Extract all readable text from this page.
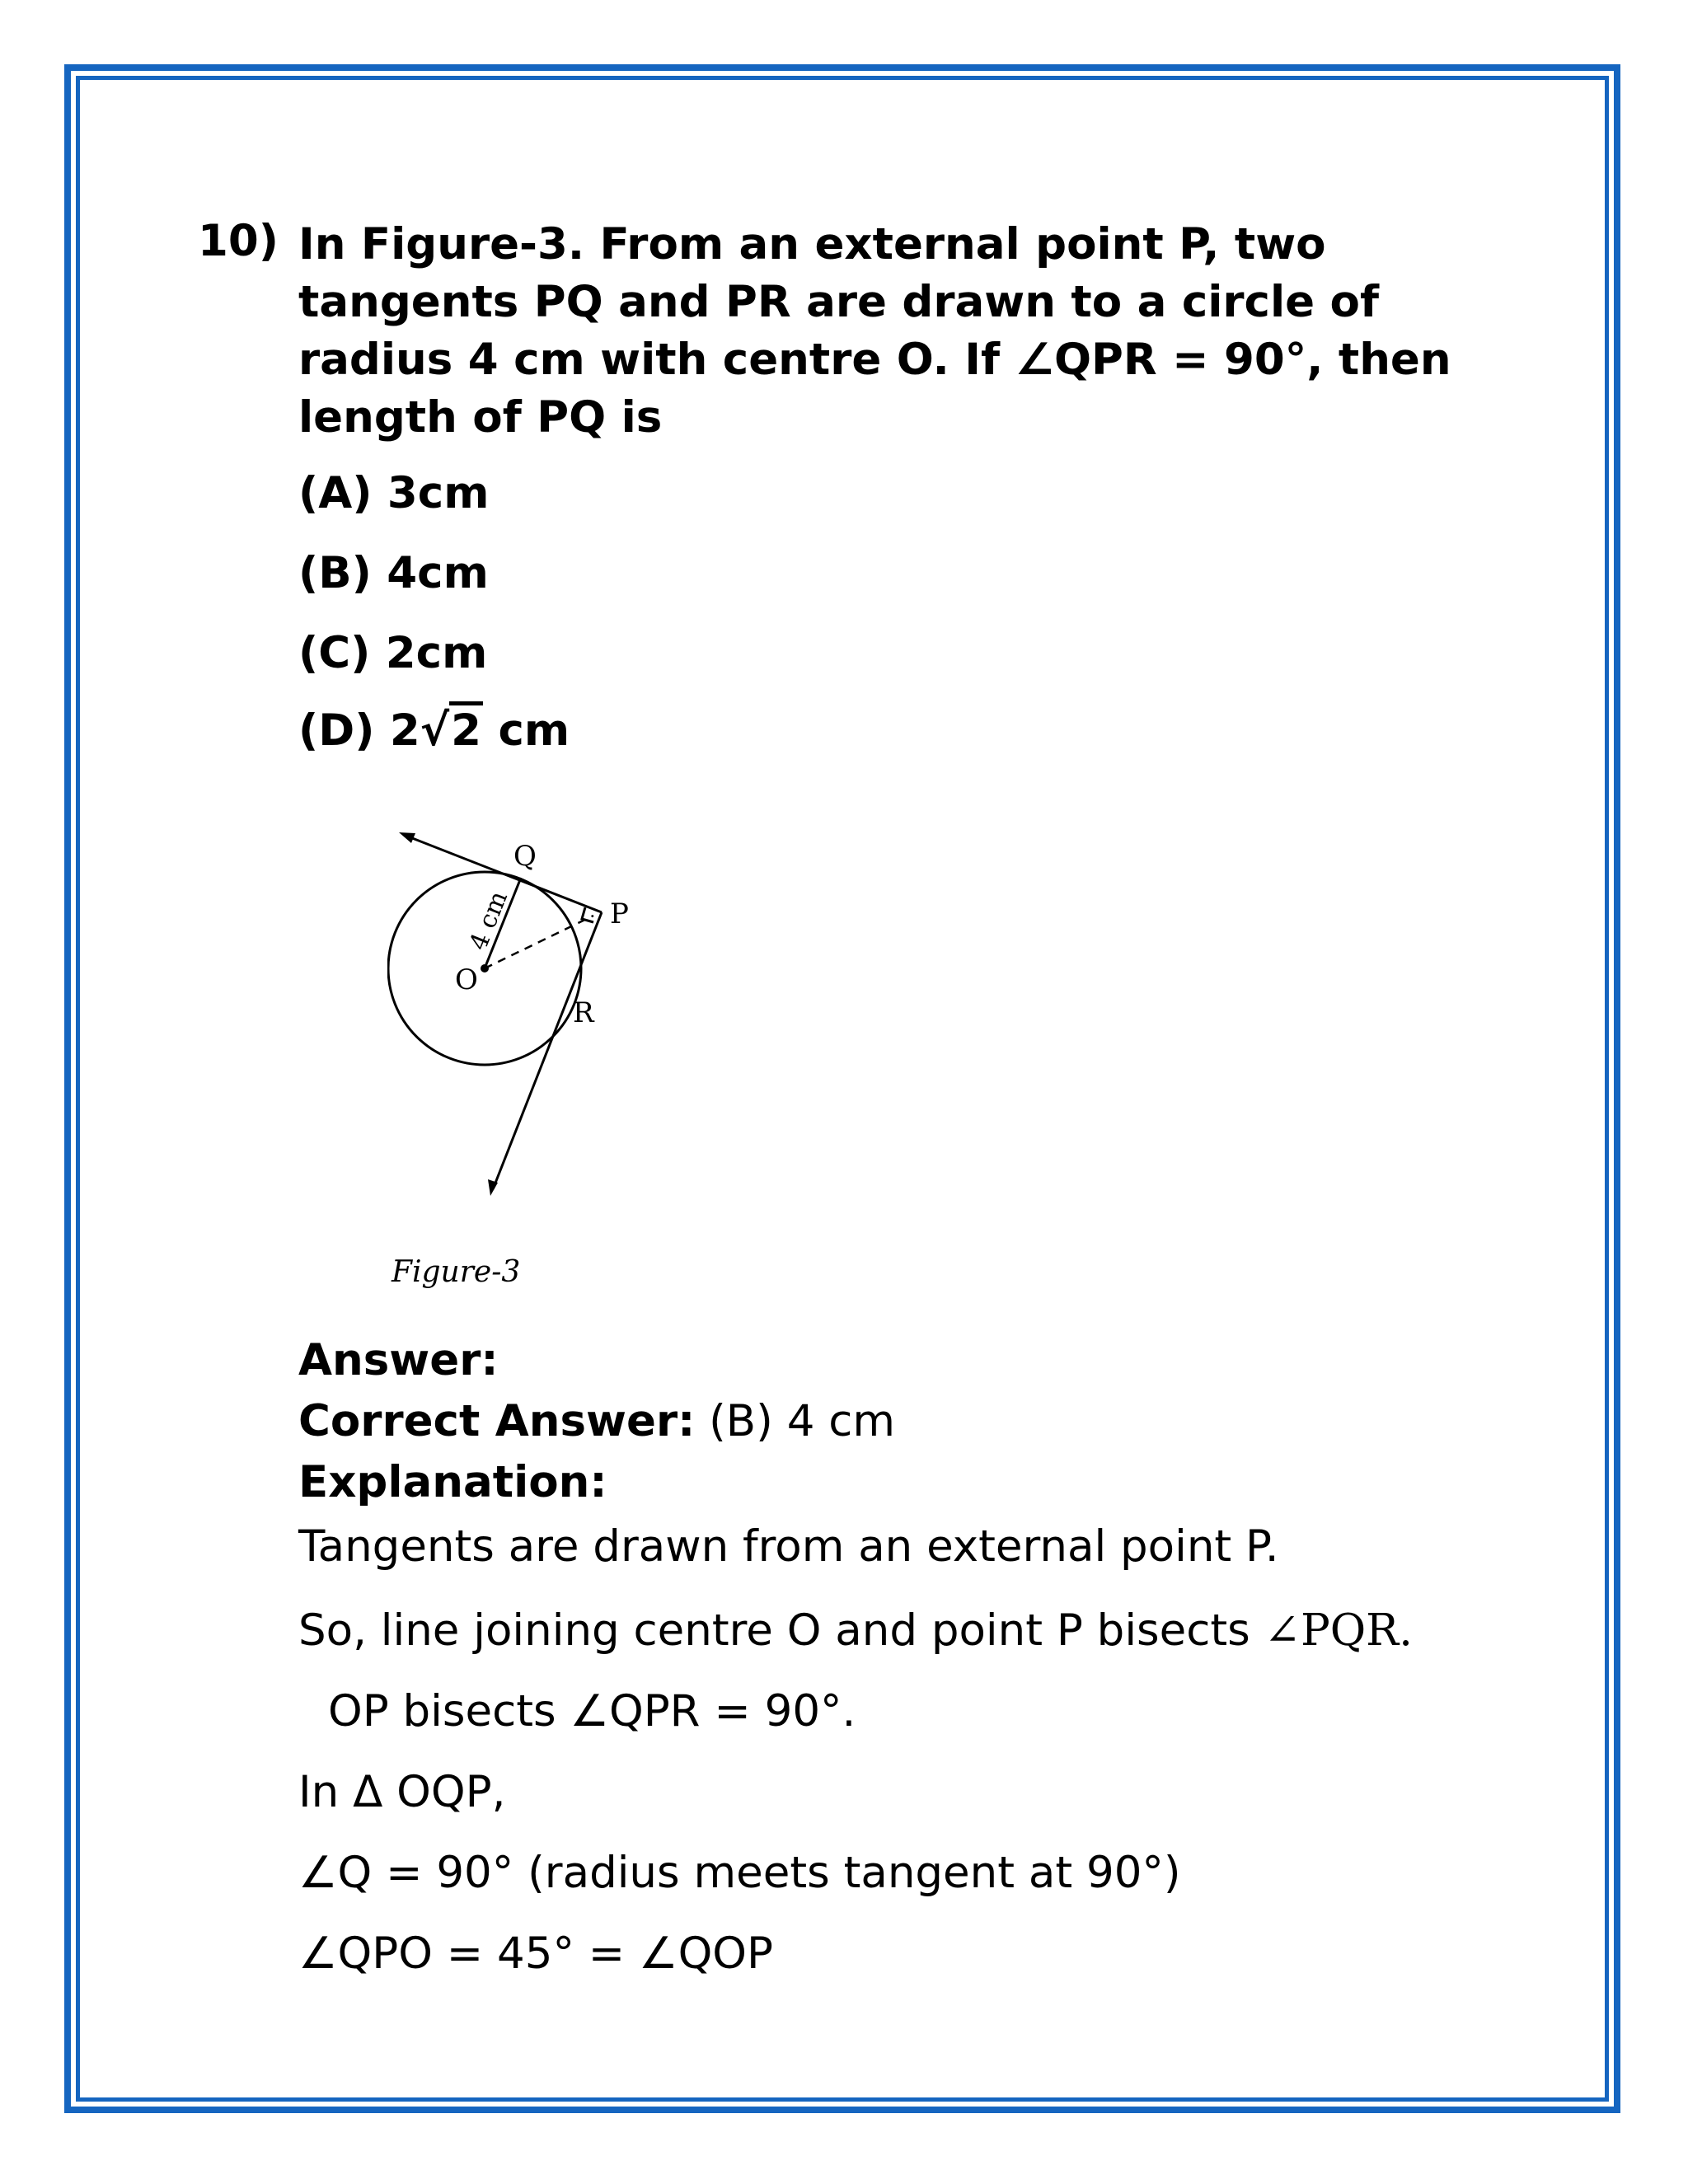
10) In Figure-3. From an external point P, two
tangents PQ and PR are drawn to a circle of
radius 4 cm with centre O. If ∠QPR = 90°, then
length of PQ is
(A) 3cm
(B) 4cm
(C) 2cm
(D) 2√2 cm
Q
P
O
R
4 cm
Figure-3
Answer:
Correct Answer: (B) 4 cm
Explanation:
Tangents are drawn from an external point P.
So, line joining centre O and point P bisects ∠PQR.
OP bisects ∠QPR = 90°.
In Δ OQP,
∠Q = 90° (radius meets tangent at 90°)
∠QPO = 45° = ∠QOP
